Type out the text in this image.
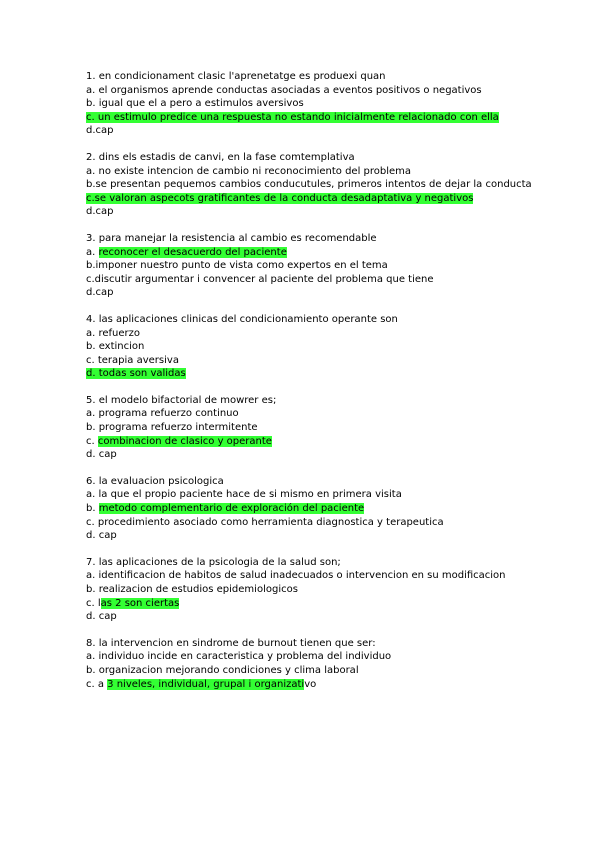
1. en condicionament clasic l'aprenetatge es produexi quan
a. el organismos aprende conductas asociadas a eventos positivos o negativos
b. igual que el a pero a estimulos aversivos
c. un estimulo predice una respuesta no estando inicialmente relacionado con ella
d.cap
2. dins els estadis de canvi, en la fase comtemplativa
a. no existe intencion de cambio ni reconocimiento del problema
b.se presentan pequemos cambios conducutules, primeros intentos de dejar la conducta
c.se valoran aspecots gratificantes de la conducta desadaptativa y negativos
d.cap
3. para manejar la resistencia al cambio es recomendable
a. reconocer el desacuerdo del paciente
b.imponer nuestro punto de vista como expertos en el tema
c.discutir argumentar i convencer al paciente del problema que tiene
d.cap
4. las aplicaciones clinicas del condicionamiento operante son
a. refuerzo
b. extincion
c. terapia aversiva
d. todas son validas
5. el modelo bifactorial de mowrer es;
a. programa refuerzo continuo
b. programa refuerzo intermitente
c. combinacion de clasico y operante
d. cap
6. la evaluacion psicologica
a. la que el propio paciente hace de si mismo en primera visita
b. metodo complementario de exploración del paciente
c. procedimiento asociado como herramienta diagnostica y terapeutica
d. cap
7. las aplicaciones de la psicologia de la salud son;
a. identificacion de habitos de salud inadecuados o intervencion en su modificacion
b. realizacion de estudios epidemiologicos
c. las 2 son ciertas
d. cap
8. la intervencion en sindrome de burnout tienen que ser:
a. individuo incide en caracteristica y problema del individuo
b. organizacion mejorando condiciones y clima laboral
c. a 3 niveles, individual, grupal i organizativo
